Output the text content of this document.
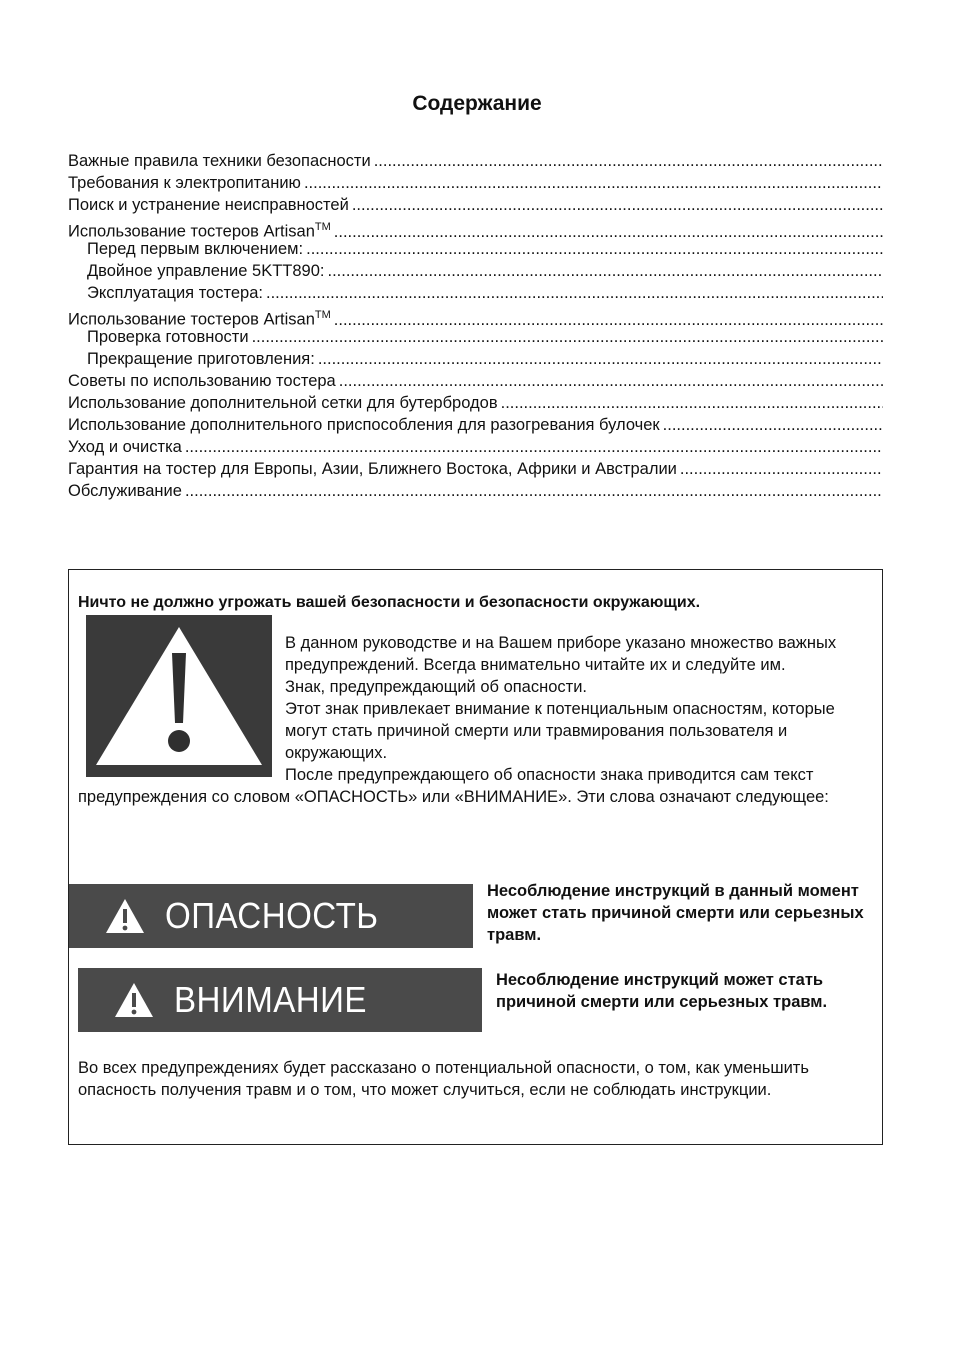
Содержание
Важные правила техники безопасности
.....
Требования к электропитанию
.....
Поиск и устранение неисправностей
.....
Использование тостеров Artisan™
.....
Перед первым включением:
.....
Двойное управление 5KTT890:
.....
Эксплуатация тостера:
.....
Использование тостеров Artisan™
.....
Проверка готовности
.....
Прекращение приготовления:
.....
Советы по использованию тостера
.....
Использование дополнительной сетки для бутербродов
.....
Использование дополнительного приспособления для разогревания булочек
.....
Уход и очистка
.....
Гарантия на тостер для Европы, Азии, Ближнего Востока, Африки и Австралии
.....
Обслуживание
.....
Ничто не должно угрожать вашей безопасности и безопасности окружающих.
В данном руководстве и на Вашем приборе указано множество важных предупреждений. Всегда внимательно читайте их и следуйте им.
Знак, предупреждающий об опасности.
Этот знак привлекает внимание к потенциальным опасностям, которые могут стать причиной смерти или травмирования пользователя и окружающих.
После предупреждающего об опасности знака приводится сам текст предупреждения со словом «ОПАСНОСТЬ» или «ВНИМАНИЕ». Эти слова означают следующее:
ОПАСНОСТЬ
Несоблюдение инструкций в данный момент может стать причиной смерти или серьезных травм.
ВНИМАНИЕ	Несоблюдение инструкций может стать причиной смерти или серьезных травм.
Во всех предупреждениях будет рассказано о потенциальной опасности, о том, как уменьшить опасность получения травм и о том, что может случиться, если не соблюдать инструкции.
